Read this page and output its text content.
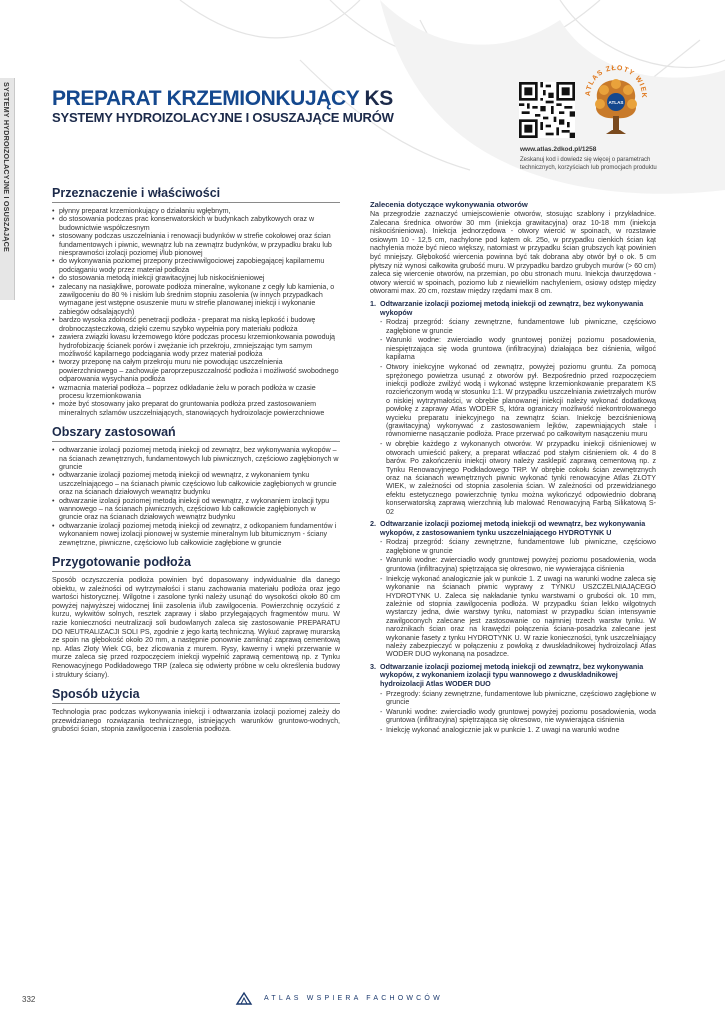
SYSTEMY HYDROIZOLACYJNE I OSUSZAJĄCE PREPARAT KRZEMIONKUJĄCY KS
SYSTEMY HYDROIZOLACYJNE I OSUSZAJĄCE MURÓW
ATLAS ZŁOTY WIEK
ATLAS
www.atlas.2dkod.pl/1258
Zeskanuj kod i dowiedz się więcej o parametrach technicznych, korzyściach lub promocjach produktu
Przeznaczenie i właściwości
• płynny preparat krzemionkujący o działaniu wgłębnym,
• do stosowania podczas prac konserwatorskich w budynkach zabytkowych oraz w budownictwie współczesnym
• stosowany podczas uszczelniania i renowacji budynków w strefie cokołowej oraz ścian fundamentowych i piwnic, wewnątrz lub na zewnątrz budynków, w przypadku braku lub niesprawności izolacji poziomej i/lub pionowej
• do wykonywania poziomej przepony przeciwwilgociowej zapobiegającej kapilarnemu podciąganiu wody przez materiał podłoża
• do stosowania metodą iniekcji grawitacyjnej lub niskociśnieniowej
• zalecany na nasiąkliwe, porowate podłoża mineralne, wykonane z cegły lub kamienia, o zawilgoceniu do 80 % i niskim lub średnim stopniu zasolenia (w innych przypadkach wymagane jest wstępne osuszenie muru w strefie planowanej iniekcji i wykonanie zabiegów odsalających)
• bardzo wysoka zdolność penetracji podłoża - preparat ma niską lepkość i budowę drobnocząsteczkową, dzięki czemu szybko wypełnia pory materiału podłoża
• zawiera związki kwasu krzemowego które podczas procesu krzemionkowania powodują hydrofobizację ścianek porów i zwężanie ich przekroju, zmniejszając tym samym możliwość kapilarnego podciągania wody przez materiał podłoża
• tworzy przeponę na całym przekroju muru nie powodując uszczelnienia powierzchniowego – zachowuje paroprzepuszczalność podłoża i możliwość swobodnego odparowania wysychania podłoża
• wzmacnia materiał podłoża – poprzez odkładanie żelu w porach podłoża w czasie procesu krzemionkowania
• może być stosowany jako preparat do gruntowania podłoża przed zastosowaniem mineralnych szlamów uszczelniających, stanowiących hydroizolacje powierzchniowe
Obszary zastosowań
• odtwarzanie izolacji poziomej metodą iniekcji od zewnątrz, bez wykonywania wykopów – na ścianach zewnętrznych, fundamentowych lub piwnicznych, częściowo zagłębionych w gruncie
• odtwarzanie izolacji poziomej metodą iniekcji od wewnątrz, z wykonaniem tynku uszczelniającego – na ścianach piwnic częściowo lub całkowicie zagłębionych w gruncie oraz na ścianach działowych wewnątrz budynku
• odtwarzanie izolacji poziomej metodą iniekcji od wewnątrz, z wykonaniem izolacji typu wannowego – na ścianach piwnicznych, częściowo lub całkowicie zagłębionych w gruncie oraz na ścianach działowych wewnątrz budynku
• odtwarzanie izolacji poziomej metodą iniekcji od zewnątrz, z odkopaniem fundamentów i wykonaniem nowej izolacji pionowej w systemie mineralnym lub bitumicznym - ściany zewnętrzne, piwniczne, częściowo lub całkowicie zagłębione w gruncie
Przygotowanie podłoża

Sposób oczyszczenia podłoża powinien być dopasowany indywidualnie dla danego obiektu, w zależności od wytrzymałości i stanu zachowania materiału podłoża oraz jego wartości historycznej. Wilgotne i zasolone tynki należy usunąć do wysokości około 80 cm powyżej najwyższej widocznej linii zasolenia i/lub zawilgocenia. Powierzchnię oczyścić z kurzu, wykwitów solnych, resztek zaprawy i słabo przylegających fragmentów muru. W razie konieczności neutralizacji soli budowlanych zaleca się zastosowanie PREPARATU DO NEUTRALIZACJI SOLI PS, zgodnie z jego kartą techniczną. Wykuć zaprawę murarską ze spoin na głębokość około 20 mm, a następnie ponownie zamknąć zaprawą cementową np. Atlas Złoty Wiek CG, bez zlicowania z murem. Rysy, kawerny i wnęki przerwanie w murze zaleca się przed rozpoczęciem iniekcji wypełnić zaprawą cementową np. z Tynku Renowacyjnego Podkładowego TRP (zaleca się odwierty próbne w celu określenia budowy i struktury ściany).

Sposób użycia

Technologia prac podczas wykonywania iniekcji i odtwarzania izolacji poziomej zależy do przewidzianego rozwiązania technicznego, istniejących warunków gruntowo-wodnych, grubości ścian, stopnia zawilgocenia i zasolenia podłoża.

Zalecenia dotyczące wykonywania otworów

Na przegrodzie zaznaczyć umiejscowienie otworów, stosując szablony i przykładnice. Zalecana średnica otworów 30 mm (iniekcja grawitacyjna) oraz 10-18 mm (iniekcja niskociśnieniowa). Iniekcja jednorzędowa - otwory wiercić w spoinach, w rozstawie osiowym 10 - 12,5 cm, nachylone pod kątem ok. 25o, w przypadku cienkich ścian kąt nachylenia może być nieco większy, natomiast w przypadku ścian grubszych kąt powinien być mniejszy. Głębokość wiercenia powinna być tak dobrana aby otwór był o ok. 5 cm płytszy niż wynosi całkowita grubość muru. W przypadku bardzo grubych murów (> 60 cm) zaleca się wiercenie otworów, na przemian, po obu stronach muru. Iniekcja dwurzędowa - otwory wiercić w spoinach, poziomo lub z niewielkim nachyleniem, osiowy odstęp między otworami max. 20 cm, rozstaw między rzędami max 8 cm.

1. Odtwarzanie izolacji poziomej metodą iniekcji od zewnątrz, bez wykonywania wykopów
- Rodzaj przegród: ściany zewnętrzne, fundamentowe lub piwniczne, częściowo zagłębione w gruncie
- Warunki wodne: zwierciadło wody gruntowej poniżej poziomu posadowienia, niespiętrzająca się woda gruntowa (infiltracyjna) działająca bez ciśnienia, wilgoć kapilarna
- Otwory iniekcyjne wykonać od zewnątrz, powyżej poziomu gruntu. Za pomocą sprężonego powietrza usunąć z otworów pył. Bezpośrednio przed rozpoczęciem iniekcji podłoże zwilżyć wodą i wykonać wstępne krzemionkowanie preparatem KS rozcieńczonym wodą w stosunku 1:1. W przypadku uszczelniania zwietrzałych murów o niskiej wytrzymałości, w obrębie planowanej iniekcji należy wykonać dodatkową powłokę z zaprawy Atlas WODER S, która ograniczy możliwość niekontrolowanego wycieku preparatu iniekcyjnego na zewnątrz ścian. Iniekcję bezciśnieniową (grawitacyjną) wykonywać z zastosowaniem lejków, zapewniających stałe i równomierne nasączanie podłoża. Prace przerwać po całkowitym nasączeniu muru
- w obrębie każdego z wykonanych otworów. W przypadku iniekcji ciśnieniowej w otworach umieścić pakery, a preparat wtłaczać pod stałym ciśnieniem ok. 4 do 8 barów. Po zakończeniu iniekcji otwory należy zasklepić zaprawą cementową np. z Tynku Renowacyjnego Podkładowego TRP. W obrębie cokołu ścian zewnętrznych oraz na ścianach wewnętrznych piwnic wykonać tynki renowacyjne Atlas ZŁOTY WIEK, w zależności od stopnia zasolenia ścian. W zależności od przewidzianego efektu estetycznego powierzchnię tynku można wykończyć odpowiednio dobraną konserwatorską zaprawą wierzchnią lub malować Renowacyjną Farbą Silikatową S-02
2. Odtwarzanie izolacji poziomej metodą iniekcji od wewnątrz, bez wykonywania wykopów, z zastosowaniem tynku uszczelniającego HYDROTYNK U
- Rodzaj przegród: ściany zewnętrzne, fundamentowe lub piwniczne, częściowo zagłębione w gruncie
- Warunki wodne: zwierciadło wody gruntowej powyżej poziomu posadowienia, woda gruntowa (infiltracyjna) spiętrzająca się okresowo, nie wywierająca ciśnienia
- Iniekcję wykonać analogicznie jak w punkcie 1. Z uwagi na warunki wodne zaleca się wykonanie na ścianach piwnic wyprawy z TYNKU USZCZELNIAJĄCEGO HYDROTYNK U. Zaleca się nakładanie tynku warstwami o grubości ok. 10 mm, zależnie od stopnia zawilgocenia podłoża. W przypadku ścian lekko wilgotnych wystarczy jedna, dwie warstwy tynku, natomiast w przypadku ścian intensywnie zawilgoconych zalecane jest zastosowanie co najmniej trzech warstw tynku. W narożnikach ścian oraz na krawędzi połączenia ściana-posadzka zalecane jest wykonanie fasety z tynku HYDROTYNK U. W razie konieczności, tynk uszczelniający należy zabezpieczyć w połączeniu z powłoką z dwuskładnikowej hydroizolacji Atlas WODER DUO wykonaną na posadzce.
3. Odtwarzanie izolacji poziomej metodą iniekcji od zewnątrz, bez wykonywania wykopów, z wykonaniem izolacji typu wannowego z dwuskładnikowej hydroizolacji Atlas WODER DUO
- Przegrody: ściany zewnętrzne, fundamentowe lub piwniczne, częściowo zagłębione w gruncie
- Warunki wodne: zwierciadło wody gruntowej powyżej poziomu posadowienia, woda gruntowa (infiltracyjna) spiętrzająca się okresowo, nie wywierająca ciśnienia
- Iniekcję wykonać analogicznie jak w punkcie 1. Z uwagi na warunki wodne
332	ATLAS WSPIERA FACHOWCÓW
